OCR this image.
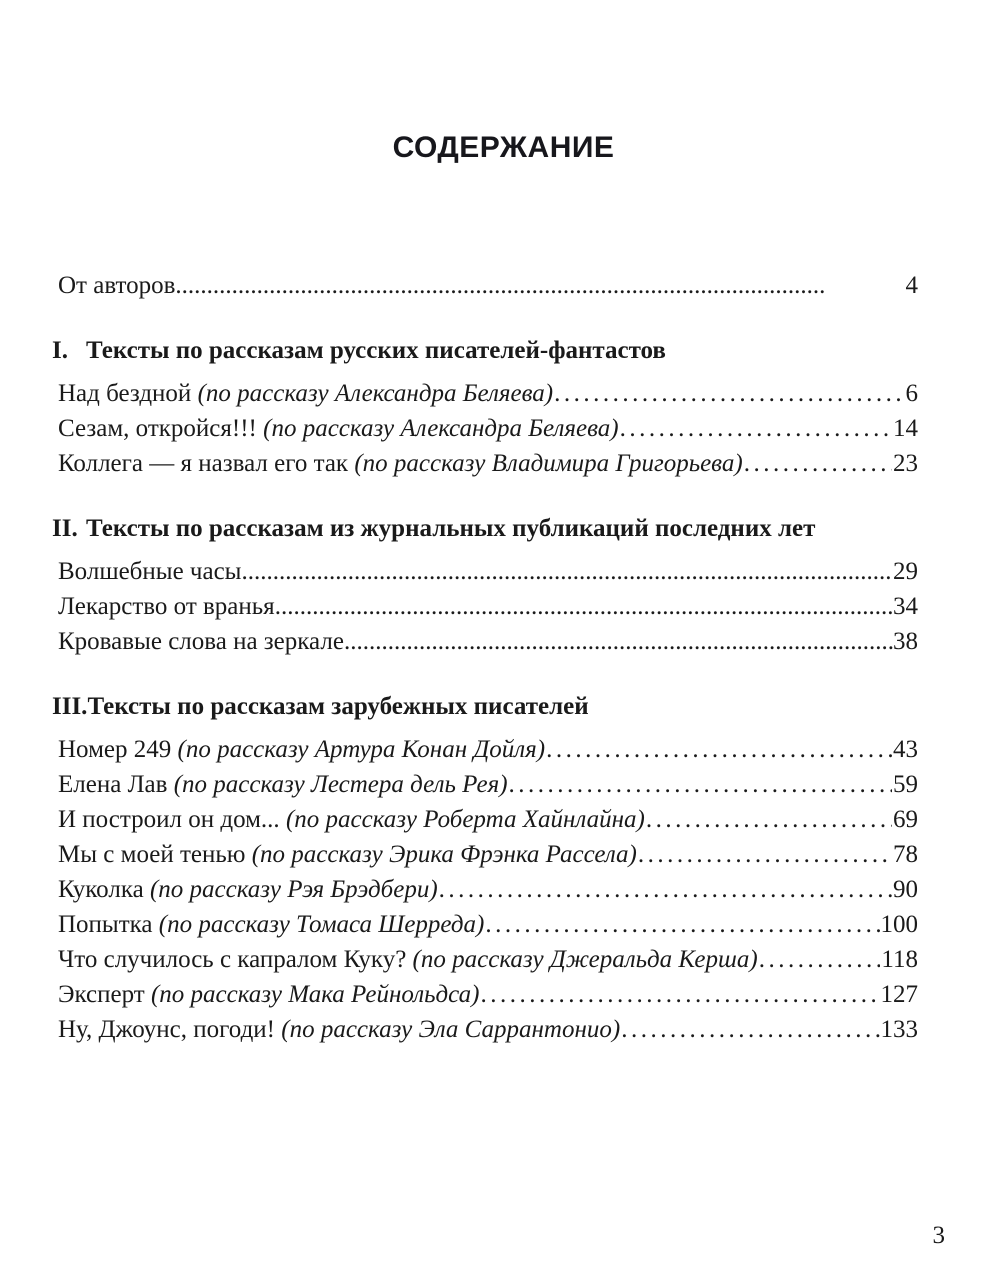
СОДЕРЖАНИЕ
От авторов .....	4
I. Тексты по рассказам русских писателей-фантастов
Над бездной (по рассказу Александра Беляева) .....	6
Сезам, откройся!!! (по рассказу Александра Беляева) .....	14
Коллега — я назвал его так (по рассказу Владимира Григорьева) .....	23
II. Тексты по рассказам из журнальных публикаций последних лет
Волшебные часы .....	29
Лекарство от вранья .....	34
Кровавые слова на зеркале .....	38
III.Тексты по рассказам зарубежных писателей
Номер 249 (по рассказу Артура Конан Дойля) .....	43
Елена Лав (по рассказу Лестера дель Рея) .....	59
И построил он дом... (по рассказу Роберта Хайнлайна) .....	69
Мы с моей тенью (по рассказу Эрика Фрэнка Рассела) .....	78
Куколка (по рассказу Рэя Брэдбери) .....	90
Попытка (по рассказу Томаса Шерреда) .....	100
Что случилось с капралом Куку? (по рассказу Джеральда Керша) .....	118
Эксперт (по рассказу Мака Рейнольдса) .....	127
Ну, Джоунс, погоди! (по рассказу Эла Саррантонио) .....	133
3
